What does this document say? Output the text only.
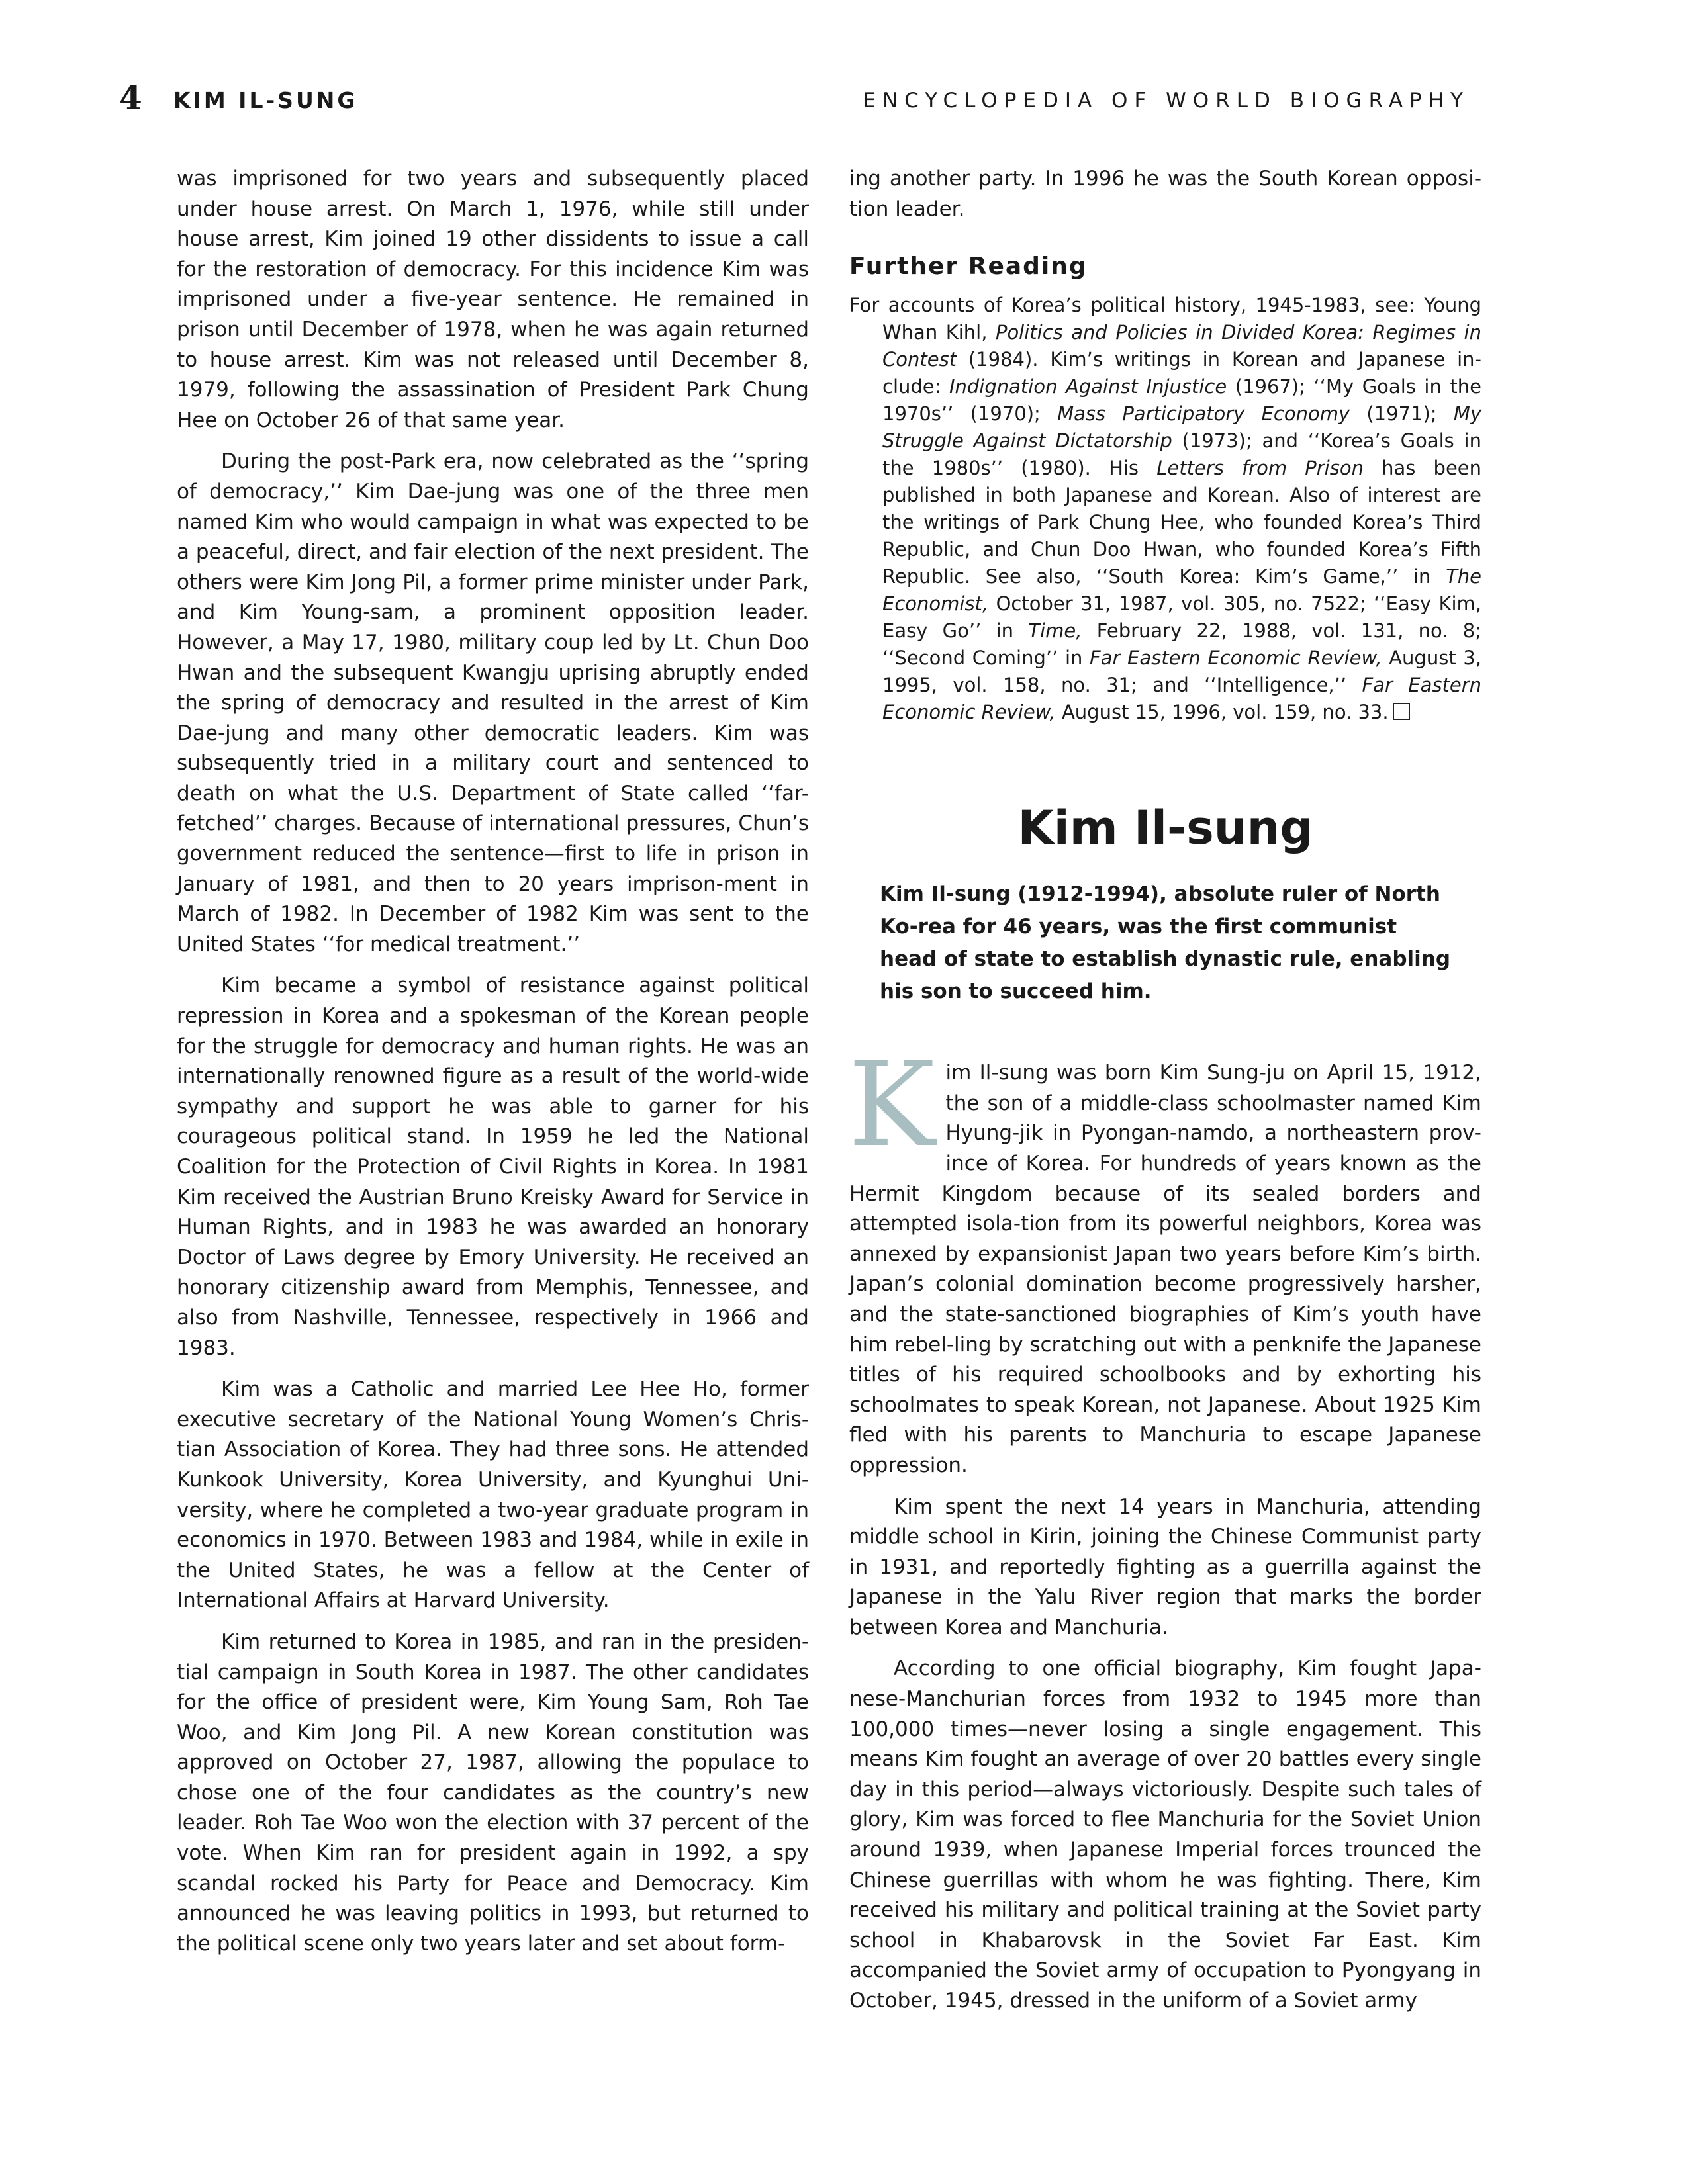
4 KIM IL-SUNG	ENCYCLOPEDIA OF WORLD BIOGRAPHY

was imprisoned for two years and subsequently placed under house arrest. On March 1, 1976, while still under house arrest, Kim joined 19 other dissidents to issue a call for the restoration of democracy. For this incidence Kim was imprisoned under a five-year sentence. He remained in prison until December of 1978, when he was again returned to house arrest. Kim was not released until December 8, 1979, following the assassination of President Park Chung Hee on October 26 of that same year.

During the post-Park era, now celebrated as the ‘‘spring of democracy,’’ Kim Dae-jung was one of the three men named Kim who would campaign in what was expected to be a peaceful, direct, and fair election of the next president. The others were Kim Jong Pil, a former prime minister under Park, and Kim Young-sam, a prominent opposition leader. However, a May 17, 1980, military coup led by Lt. Chun Doo Hwan and the subsequent Kwangju uprising abruptly ended the spring of democracy and resulted in the arrest of Kim Dae-jung and many other democratic leaders. Kim was subsequently tried in a military court and sentenced to death on what the U.S. Department of State called ‘‘far-fetched’’ charges. Because of international pressures, Chun’s government reduced the sentence—first to life in prison in January of 1981, and then to 20 years imprison-ment in March of 1982. In December of 1982 Kim was sent to the United States ‘‘for medical treatment.’’

Kim became a symbol of resistance against political repression in Korea and a spokesman of the Korean people for the struggle for democracy and human rights. He was an internationally renowned figure as a result of the world-wide sympathy and support he was able to garner for his courageous political stand. In 1959 he led the National Coalition for the Protection of Civil Rights in Korea. In 1981 Kim received the Austrian Bruno Kreisky Award for Service in Human Rights, and in 1983 he was awarded an honorary Doctor of Laws degree by Emory University. He received an honorary citizenship award from Memphis, Tennessee, and also from Nashville, Tennessee, respectively in 1966 and 1983.

Kim was a Catholic and married Lee Hee Ho, former executive secretary of the National Young Women’s Chris-tian Association of Korea. They had three sons. He attended Kunkook University, Korea University, and Kyunghui Uni-versity, where he completed a two-year graduate program in economics in 1970. Between 1983 and 1984, while in exile in the United States, he was a fellow at the Center of International Affairs at Harvard University.

Kim returned to Korea in 1985, and ran in the presiden-tial campaign in South Korea in 1987. The other candidates for the office of president were, Kim Young Sam, Roh Tae Woo, and Kim Jong Pil. A new Korean constitution was approved on October 27, 1987, allowing the populace to chose one of the four candidates as the country’s new leader. Roh Tae Woo won the election with 37 percent of the vote. When Kim ran for president again in 1992, a spy scandal rocked his Party for Peace and Democracy. Kim announced he was leaving politics in 1993, but returned to the political scene only two years later and set about form-

ing another party. In 1996 he was the South Korean opposi-tion leader.

Further Reading

For accounts of Korea’s political history, 1945-1983, see: Young Whan Kihl, Politics and Policies in Divided Korea: Regimes in Contest (1984). Kim’s writings in Korean and Japanese in-clude: Indignation Against Injustice (1967); ‘‘My Goals in the 1970s’’ (1970); Mass Participatory Economy (1971); My Struggle Against Dictatorship (1973); and ‘‘Korea’s Goals in the 1980s’’ (1980). His Letters from Prison has been published in both Japanese and Korean. Also of interest are the writings of Park Chung Hee, who founded Korea’s Third Republic, and Chun Doo Hwan, who founded Korea’s Fifth Republic. See also, ‘‘South Korea: Kim’s Game,’’ in The Economist, October 31, 1987, vol. 305, no. 7522; ‘‘Easy Kim, Easy Go’’ in Time, February 22, 1988, vol. 131, no. 8; ‘‘Second Coming’’ in Far Eastern Economic Review, August 3, 1995, vol. 158, no. 31; and ‘‘Intelligence,’’ Far Eastern Economic Review, August 15, 1996, vol. 159, no. 33.

Kim Il-sung
Kim Il-sung (1912-1994), absolute ruler of North Ko-rea for 46 years, was the first communist head of state to establish dynastic rule, enabling his son to succeed him.

Kim Il-sung was born Kim Sung-ju on April 15, 1912, the son of a middle-class schoolmaster named Kim Hyung-jik in Pyongan-namdo, a northeastern prov-ince of Korea. For hundreds of years known as the Hermit Kingdom because of its sealed borders and attempted isola-tion from its powerful neighbors, Korea was annexed by expansionist Japan two years before Kim’s birth. Japan’s colonial domination become progressively harsher, and the state-sanctioned biographies of Kim’s youth have him rebel-ling by scratching out with a penknife the Japanese titles of his required schoolbooks and by exhorting his schoolmates to speak Korean, not Japanese. About 1925 Kim fled with his parents to Manchuria to escape Japanese oppression.

Kim spent the next 14 years in Manchuria, attending middle school in Kirin, joining the Chinese Communist party in 1931, and reportedly fighting as a guerrilla against the Japanese in the Yalu River region that marks the border between Korea and Manchuria.

According to one official biography, Kim fought Japa-nese-Manchurian forces from 1932 to 1945 more than 100,000 times—never losing a single engagement. This means Kim fought an average of over 20 battles every single day in this period—always victoriously. Despite such tales of glory, Kim was forced to flee Manchuria for the Soviet Union around 1939, when Japanese Imperial forces trounced the Chinese guerrillas with whom he was fighting. There, Kim received his military and political training at the Soviet party school in Khabarovsk in the Soviet Far East. Kim accompanied the Soviet army of occupation to Pyongyang in October, 1945, dressed in the uniform of a Soviet army
